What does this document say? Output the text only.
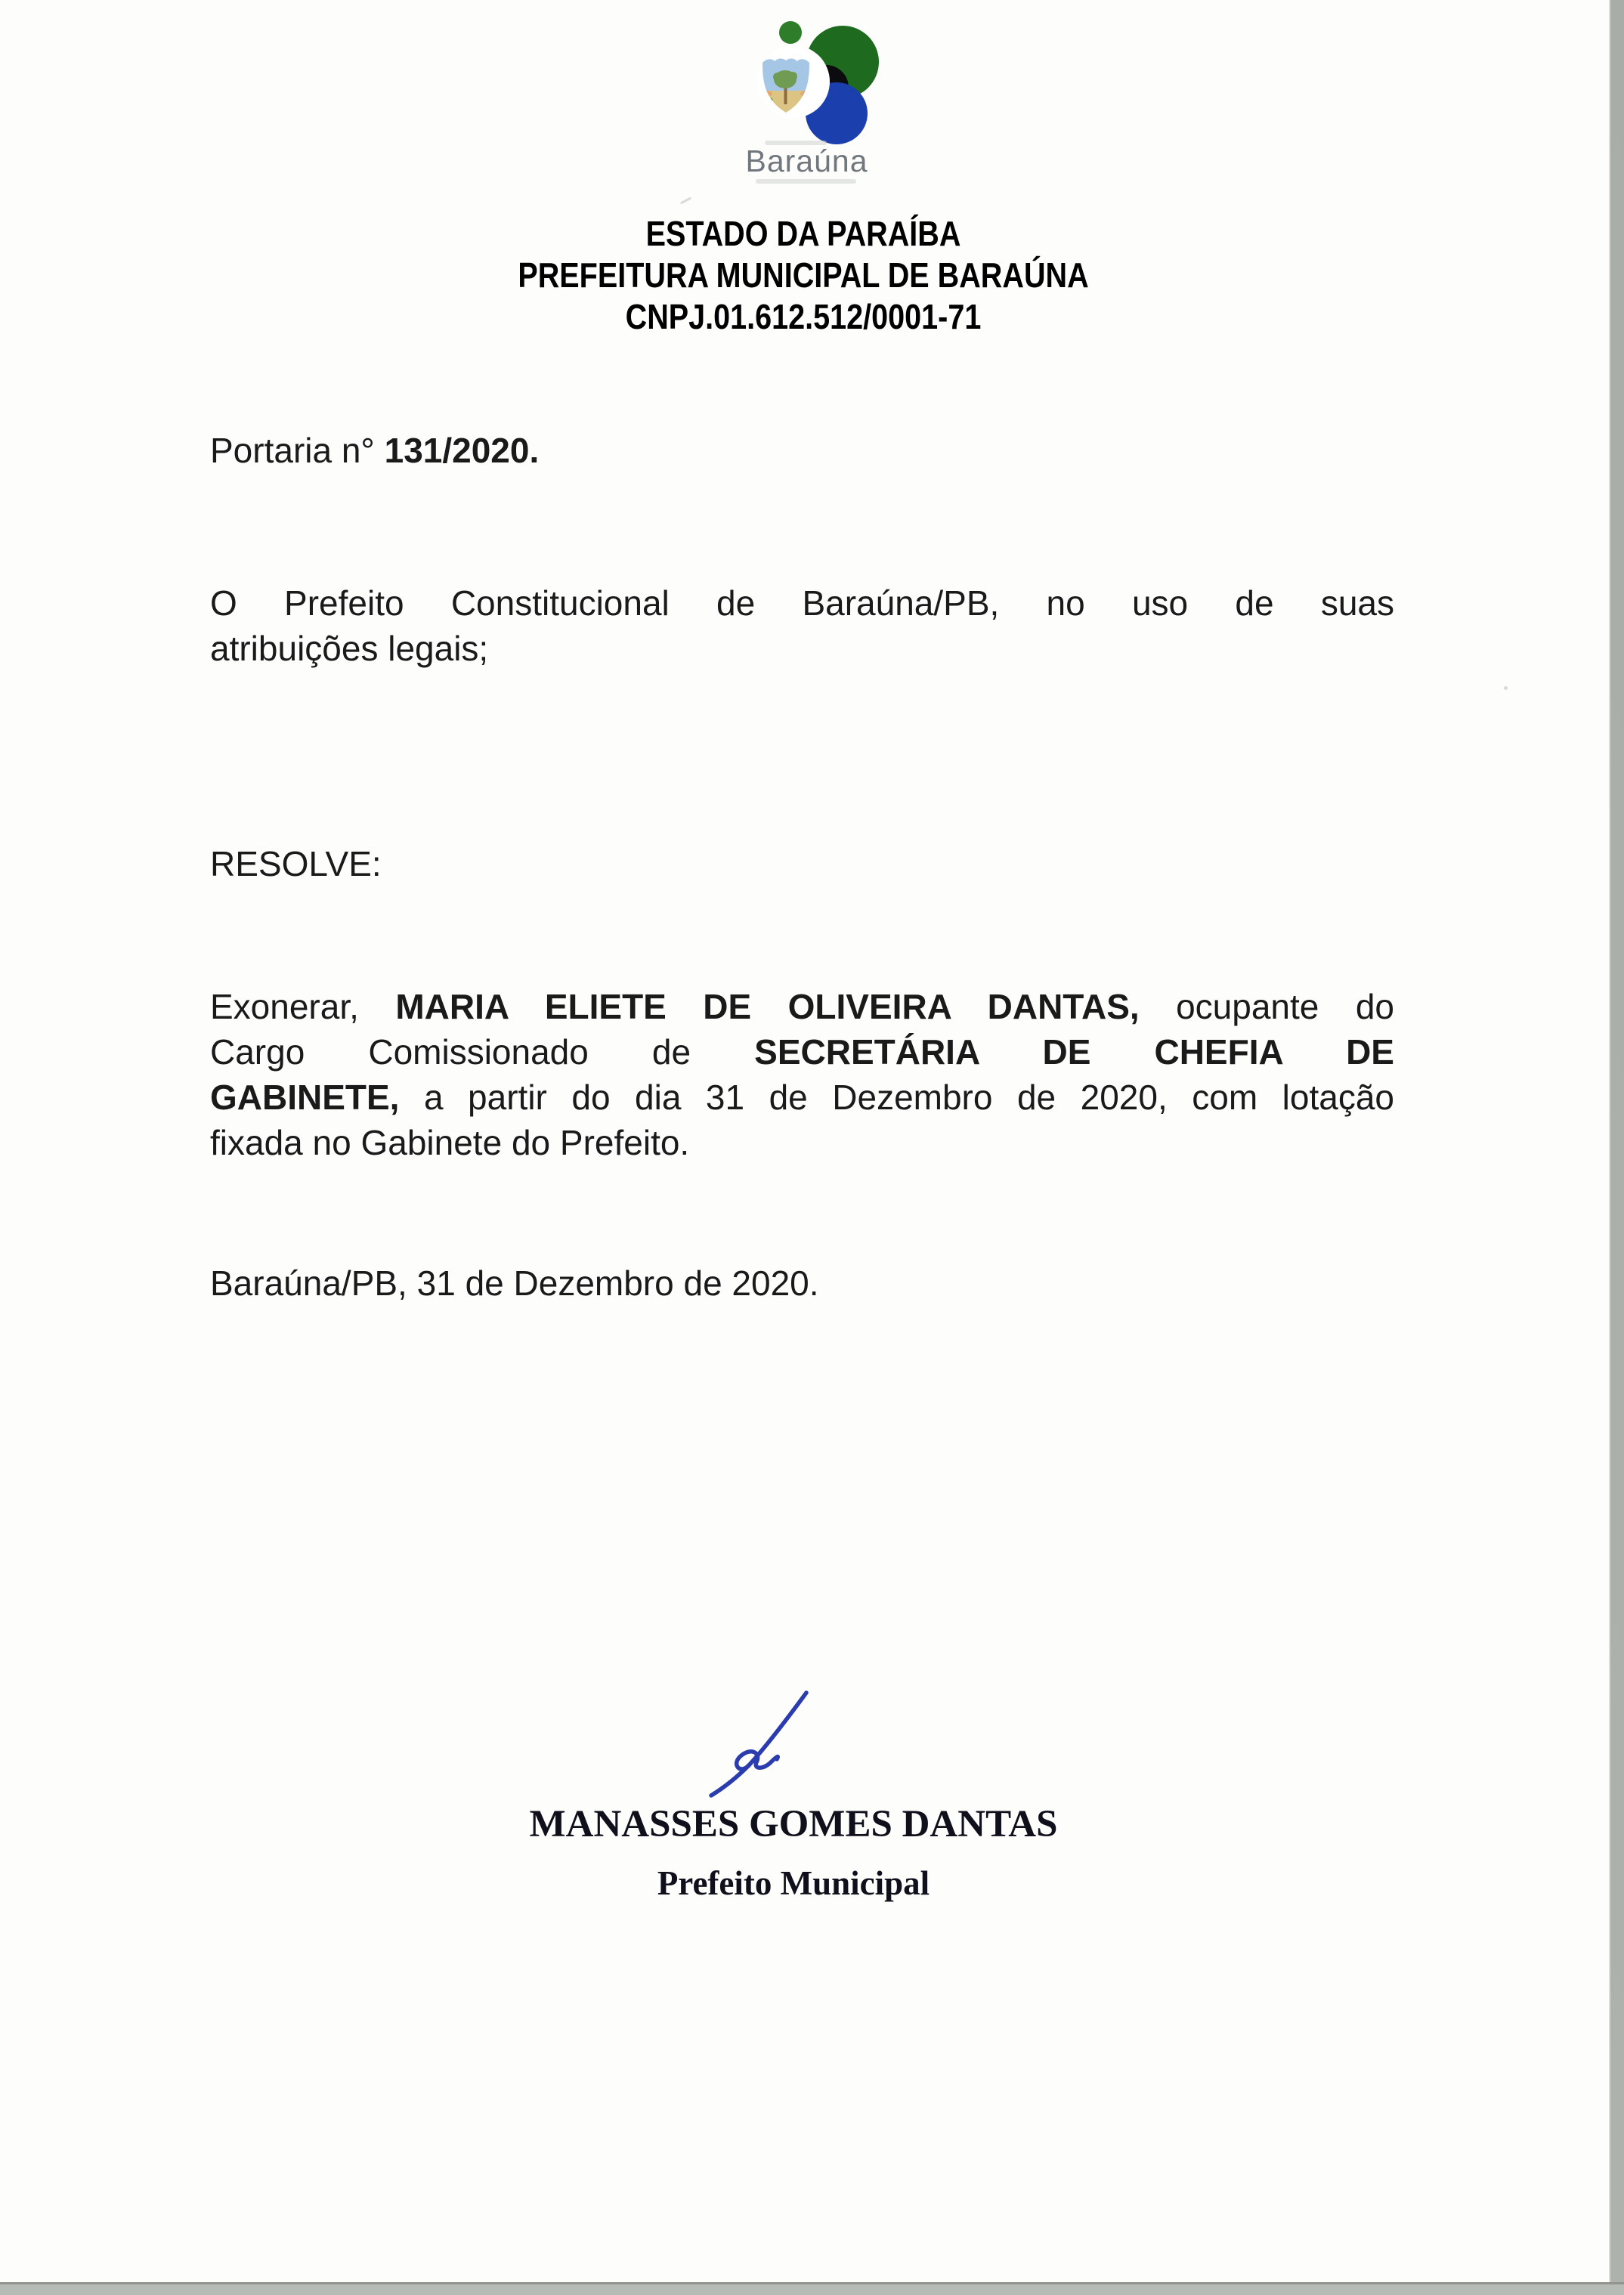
Baraúna
ESTADO DA PARAÍBA
PREFEITURA MUNICIPAL DE BARAÚNA
CNPJ.01.612.512/0001-71
Portaria n° 131/2020.
O Prefeito Constitucional de Baraúna/PB, no uso de suas
atribuições legais;
RESOLVE:
Exonerar, MARIA ELIETE DE OLIVEIRA DANTAS, ocupante do
Cargo Comissionado de SECRETÁRIA DE CHEFIA DE
GABINETE, a partir do dia 31 de Dezembro de 2020, com lotação
fixada no Gabinete do Prefeito.
Baraúna/PB, 31 de Dezembro de 2020.
MANASSES GOMES DANTAS
Prefeito Municipal
